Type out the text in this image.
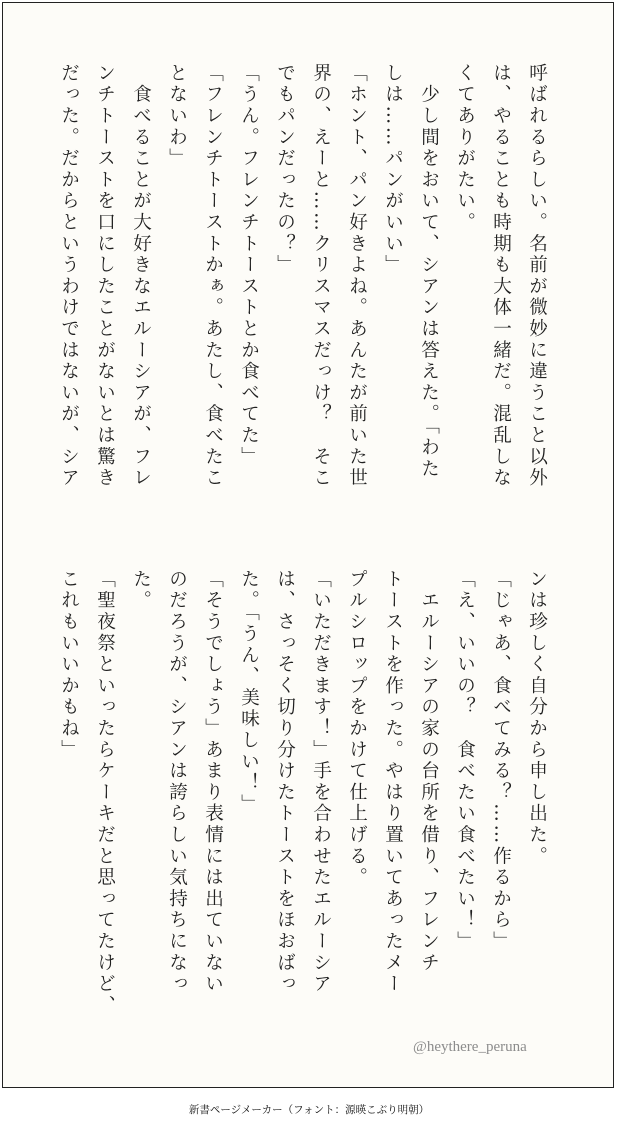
呼ばれるらしい。名前が微妙に違うこと以外

は、やることも時期も大体一緒だ。混乱しな

くてありがたい。

　少し間をおいて、シアンは答えた。「わた

しは……パンがいい」

「ホント、パン好きよね。あんたが前いた世

界の、えーと……クリスマスだっけ？　そこ

でもパンだったの？」

「うん。フレンチトーストとか食べてた」

「フレンチトーストかぁ。あたし、食べたこ

とないわ」

　食べることが大好きなエルーシアが、フレ

ンチトーストを口にしたことがないとは驚き

だった。だからというわけではないが、シア

ンは珍しく自分から申し出た。

「じゃあ、食べてみる？……作るから」

「え、いいの？　食べたい食べたい！」

　エルーシアの家の台所を借り、フレンチ

トーストを作った。やはり置いてあったメー

プルシロップをかけて仕上げる。

「いただきます！」手を合わせたエルーシア

は、さっそく切り分けたトーストをほおばっ

た。「うん、美味しい！」

「そうでしょう」あまり表情には出ていない

のだろうが、シアンは誇らしい気持ちになっ

た。

「聖夜祭といったらケーキだと思ってたけど、

これもいいかもね」

@heythere_peruna
新書ページメーカー（フォント：源暎こぶり明朝）
